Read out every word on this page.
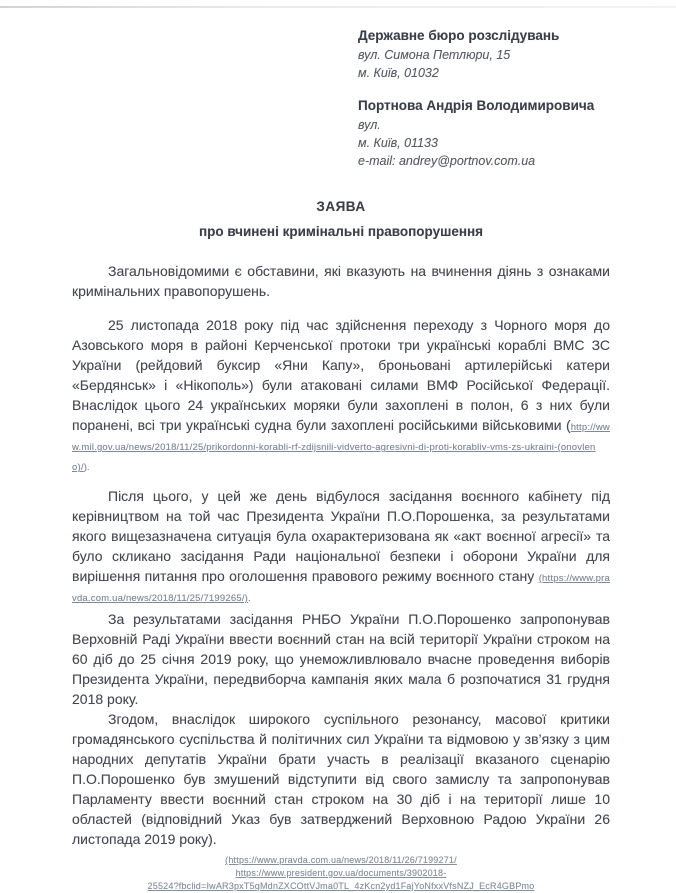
Державне бюро розслідувань
вул. Симона Петлюри, 15
м. Київ, 01032
Портнова Андрія Володимировича
вул.
м. Київ, 01133
e-mail: andrey@portnov.com.ua
ЗАЯВА
про вчинені кримінальні правопорушення

Загальновідомими є обставини, які вказують на вчинення діянь з ознаками кримінальних правопорушень.

25 листопада 2018 року під час здійснення переходу з Чорного моря до Азовського моря в районі Керченської протоки три українські кораблі ВМС ЗС України (рейдовий буксир «Яни Капу», броньовані артилерійські катери «Бердянськ» і «Нікополь») були атаковані силами ВМФ Російської Федерації. Внаслідок цього 24 українських моряки були захоплені в полон, 6 з них були поранені, всі три українські судна були захоплені російськими військовими (http://www.mil.gov.ua/news/2018/11/25/prikordonni-korabli-rf-zdijsnili-vidverto-agresivni-di-proti-korabliv-vms-zs-ukraini-(onovleno)/).

Після цього, у цей же день відбулося засідання воєнного кабінету під керівництвом на той час Президента України П.О.Порошенка, за результатами якого вищезазначена ситуація була охарактеризована як «акт воєнної агресії» та було скликано засідання Ради національної безпеки і оборони України для вирішення питання про оголошення правового режиму воєнного стану (https://www.pravda.com.ua/news/2018/11/25/7199265/).

За результатами засідання РНБО України П.О.Порошенко запропонував Верховній Раді України ввести воєнний стан на всій території України строком на 60 діб до 25 січня 2019 року, що унеможливлювало вчасне проведення виборів Президента України, передвиборча кампанія яких мала б розпочатися 31 грудня 2018 року.

Згодом, внаслідок широкого суспільного резонансу, масової критики громадянського суспільства й політичних сил України та відмовою у зв’язку з цим народних депутатів України брати участь в реалізації вказаного сценарію П.О.Порошенко був змушений відступити від свого замислу та запропонував Парламенту ввести воєнний стан строком на 30 діб і на території лише 10 областей (відповідний Указ був затверджений Верховною Радою України 26 листопада 2019 року).

(https://www.pravda.com.ua/news/2018/11/26/7199271/
https://www.president.gov.ua/documents/3902018-
25524?fbclid=IwAR3pxT5qMdnZXCOttVJma0TL_4zKcn2yd1FajYoNfxxVfsNZJ_EcR4GBPmo
